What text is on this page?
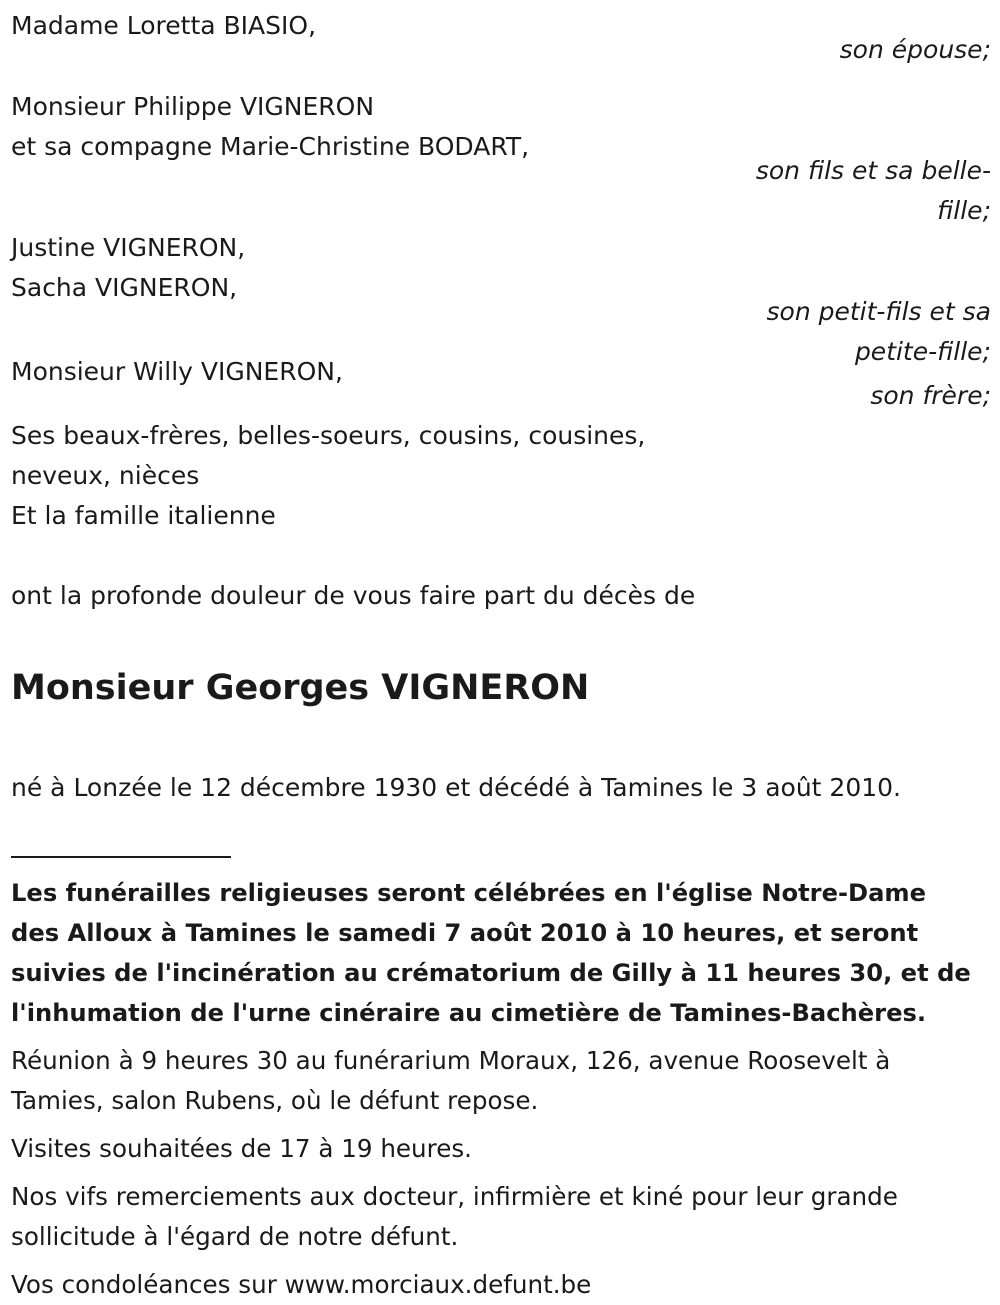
Madame Loretta BIASIO,
son épouse;
Monsieur Philippe VIGNERON
et sa compagne Marie-Christine BODART,
son fils et sa belle-
fille;
Justine VIGNERON,
Sacha VIGNERON,
son petit-fils et sa
petite-fille;
Monsieur Willy VIGNERON,
son frère;
Ses beaux-frères, belles-soeurs, cousins, cousines,
neveux, nièces
Et la famille italienne
ont la profonde douleur de vous faire part du décès de
Monsieur Georges VIGNERON
né à Lonzée le 12 décembre 1930 et décédé à Tamines le 3 août 2010.
Les funérailles religieuses seront célébrées en l'église Notre-Dame
des Alloux à Tamines le samedi 7 août 2010 à 10 heures, et seront
suivies de l'incinération au crématorium de Gilly à 11 heures 30, et de
l'inhumation de l'urne cinéraire au cimetière de Tamines-Bachères.
Réunion à 9 heures 30 au funérarium Moraux, 126, avenue Roosevelt à
Tamies, salon Rubens, où le défunt repose.
Visites souhaitées de 17 à 19 heures.
Nos vifs remerciements aux docteur, infirmière et kiné pour leur grande
sollicitude à l'égard de notre défunt.
Vos condoléances sur www.morciaux.defunt.be
